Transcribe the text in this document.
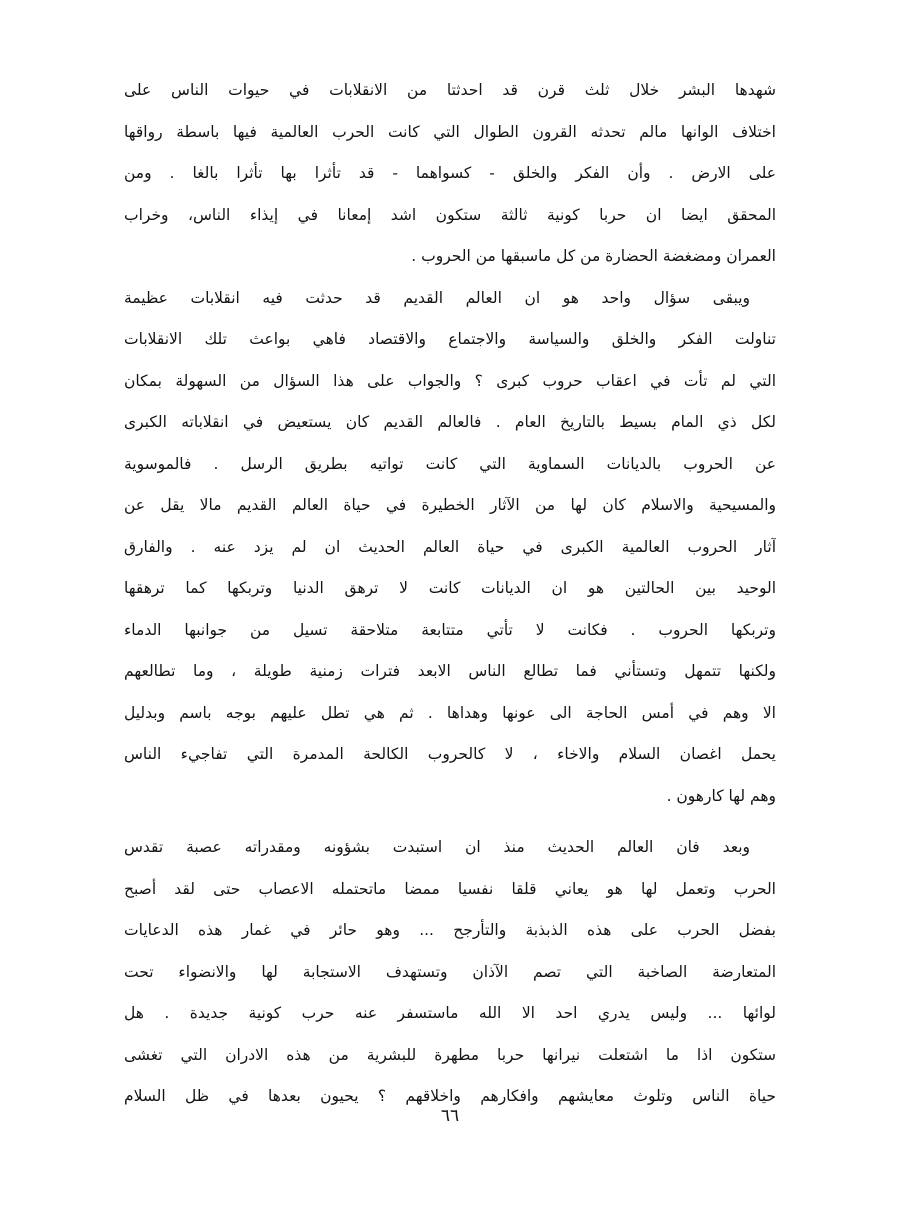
شهدها البشر خلال ثلث قرن قد احدثتا من الانقلابات في حيوات الناس على
اختلاف الوانها مالم تحدثه القرون الطوال التي كانت الحرب العالمية فيها باسطة رواقها
على الارض . وأن الفكر والخلق - كسواهما - قد تأثرا بها تأثرا بالغا . ومن
المحقق ايضا ان حربا كونية ثالثة ستكون اشد إمعانا في إيذاء الناس، وخراب
العمران ومضغضة الحضارة من كل ماسبقها من الحروب .
ويبقى سؤال واحد هو ان العالم القديم قد حدثت فيه انقلابات عظيمة
تناولت الفكر والخلق والسياسة والاجتماع والاقتصاد فاهي بواعث تلك الانقلابات
التي لم تأت في اعقاب حروب كبرى ؟ والجواب على هذا السؤال من السهولة بمكان
لكل ذي المام بسيط بالتاريخ العام . فالعالم القديم كان يستعيض في انقلاباته الكبرى
عن الحروب بالديانات السماوية التي كانت تواتيه بطريق الرسل . فالموسوية
والمسيحية والاسلام كان لها من الآثار الخطيرة في حياة العالم القديم مالا يقل عن
آثار الحروب العالمية الكبرى في حياة العالم الحديث ان لم يزد عنه . والفارق
الوحيد بين الحالتين هو ان الديانات كانت لا ترهق الدنيا وتربكها كما ترهقها
وتربكها الحروب . فكانت لا تأتي متتابعة متلاحقة تسيل من جوانبها الدماء
ولكنها تتمهل وتستأني فما تطالع الناس الابعد فترات زمنية طويلة ، وما تطالعهم
الا وهم في أمس الحاجة الى عونها وهداها . ثم هي تطل عليهم بوجه باسم وبدليل
يحمل اغصان السلام والاخاء ، لا كالحروب الكالحة المدمرة التي تفاجيء الناس
وهم لها كارهون .
وبعد فان العالم الحديث منذ ان استبدت بشؤونه ومقدراته عصبة تقدس
الحرب وتعمل لها هو يعاني قلقا نفسيا ممضا ماتحتمله الاعصاب حتى لقد أصبح
بفضل الحرب على هذه الذبذبة والتأرجح ... وهو حائر في غمار هذه الدعايات
المتعارضة الصاخبة التي تصم الآذان وتستهدف الاستجابة لها والانضواء تحت
لوائها ... وليس يدري احد الا الله ماستسفر عنه حرب كونية جديدة . هل
ستكون اذا ما اشتعلت نيرانها حربا مطهرة للبشرية من هذه الادران التي تغشى
حياة الناس وتلوث معايشهم وافكارهم واخلاقهم ؟ يحيون بعدها في ظل السلام
٦٦
